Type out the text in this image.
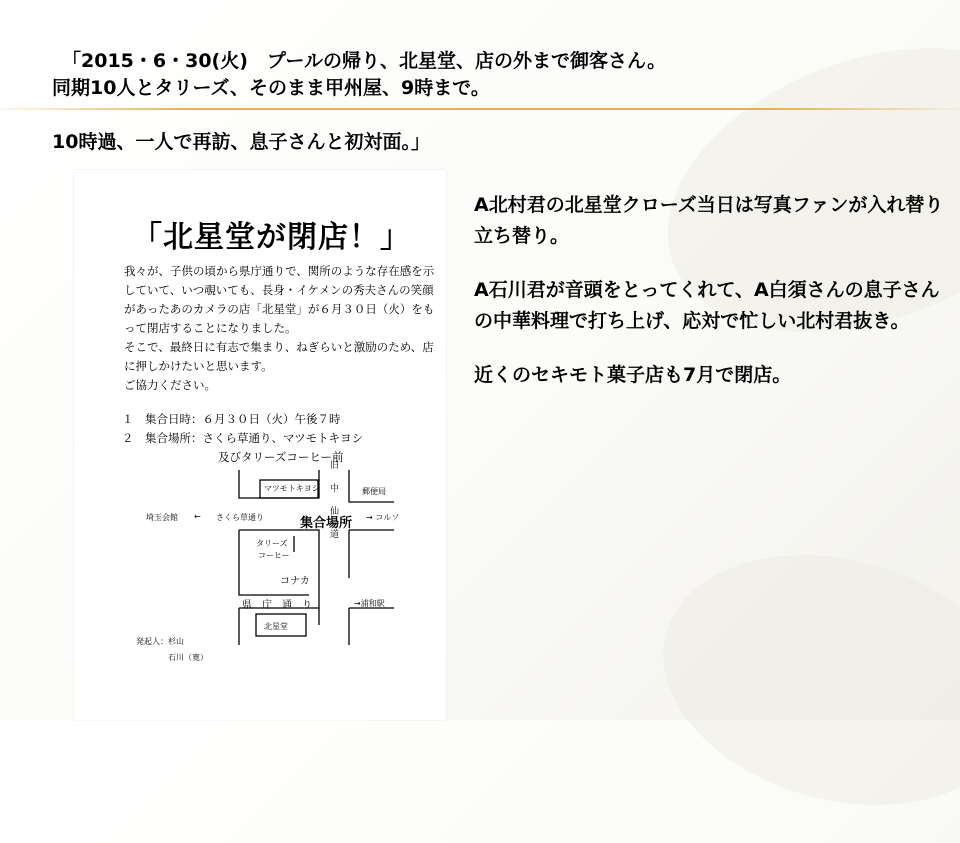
「2015・6・30(火)　プールの帰り、北星堂、店の外まで御客さん。
同期10人とタリーズ、そのまま甲州屋、9時まで。
10時過、一人で再訪、息子さんと初対面。」
「北星堂が閉店！」

我々が、子供の頃から県庁通りで、関所のような存在感を示していて、いつ覗いても、長身・イケメンの秀夫さんの笑顔があったあのカメラの店「北星堂」が６月３０日（火）をもって閉店することになりました。

そこで、最終日に有志で集まり、ねぎらいと激励のため、店に押しかけたいと思います。

ご協力ください。

１　集合日時：６月３０日（火）午後７時
２　集合場所：さくら草通り、マツモトキヨシ
及びタリーズコーヒー前
マツモトキヨシ	郵便局
埼玉会館 ← さくら草通り	集合場所 → コルソ
タリーズ
コーヒー
コナカ
県　庁　通　り	→浦和駅
北星堂
旧中仙道
発起人：杉山
石川（寛）

A北村君の北星堂クローズ当日は写真ファンが入れ替り立ち替り。

A石川君が音頭をとってくれて、A白須さんの息子さんの中華料理で打ち上げ、応対で忙しい北村君抜き。

近くのセキモト菓子店も7月で閉店。
